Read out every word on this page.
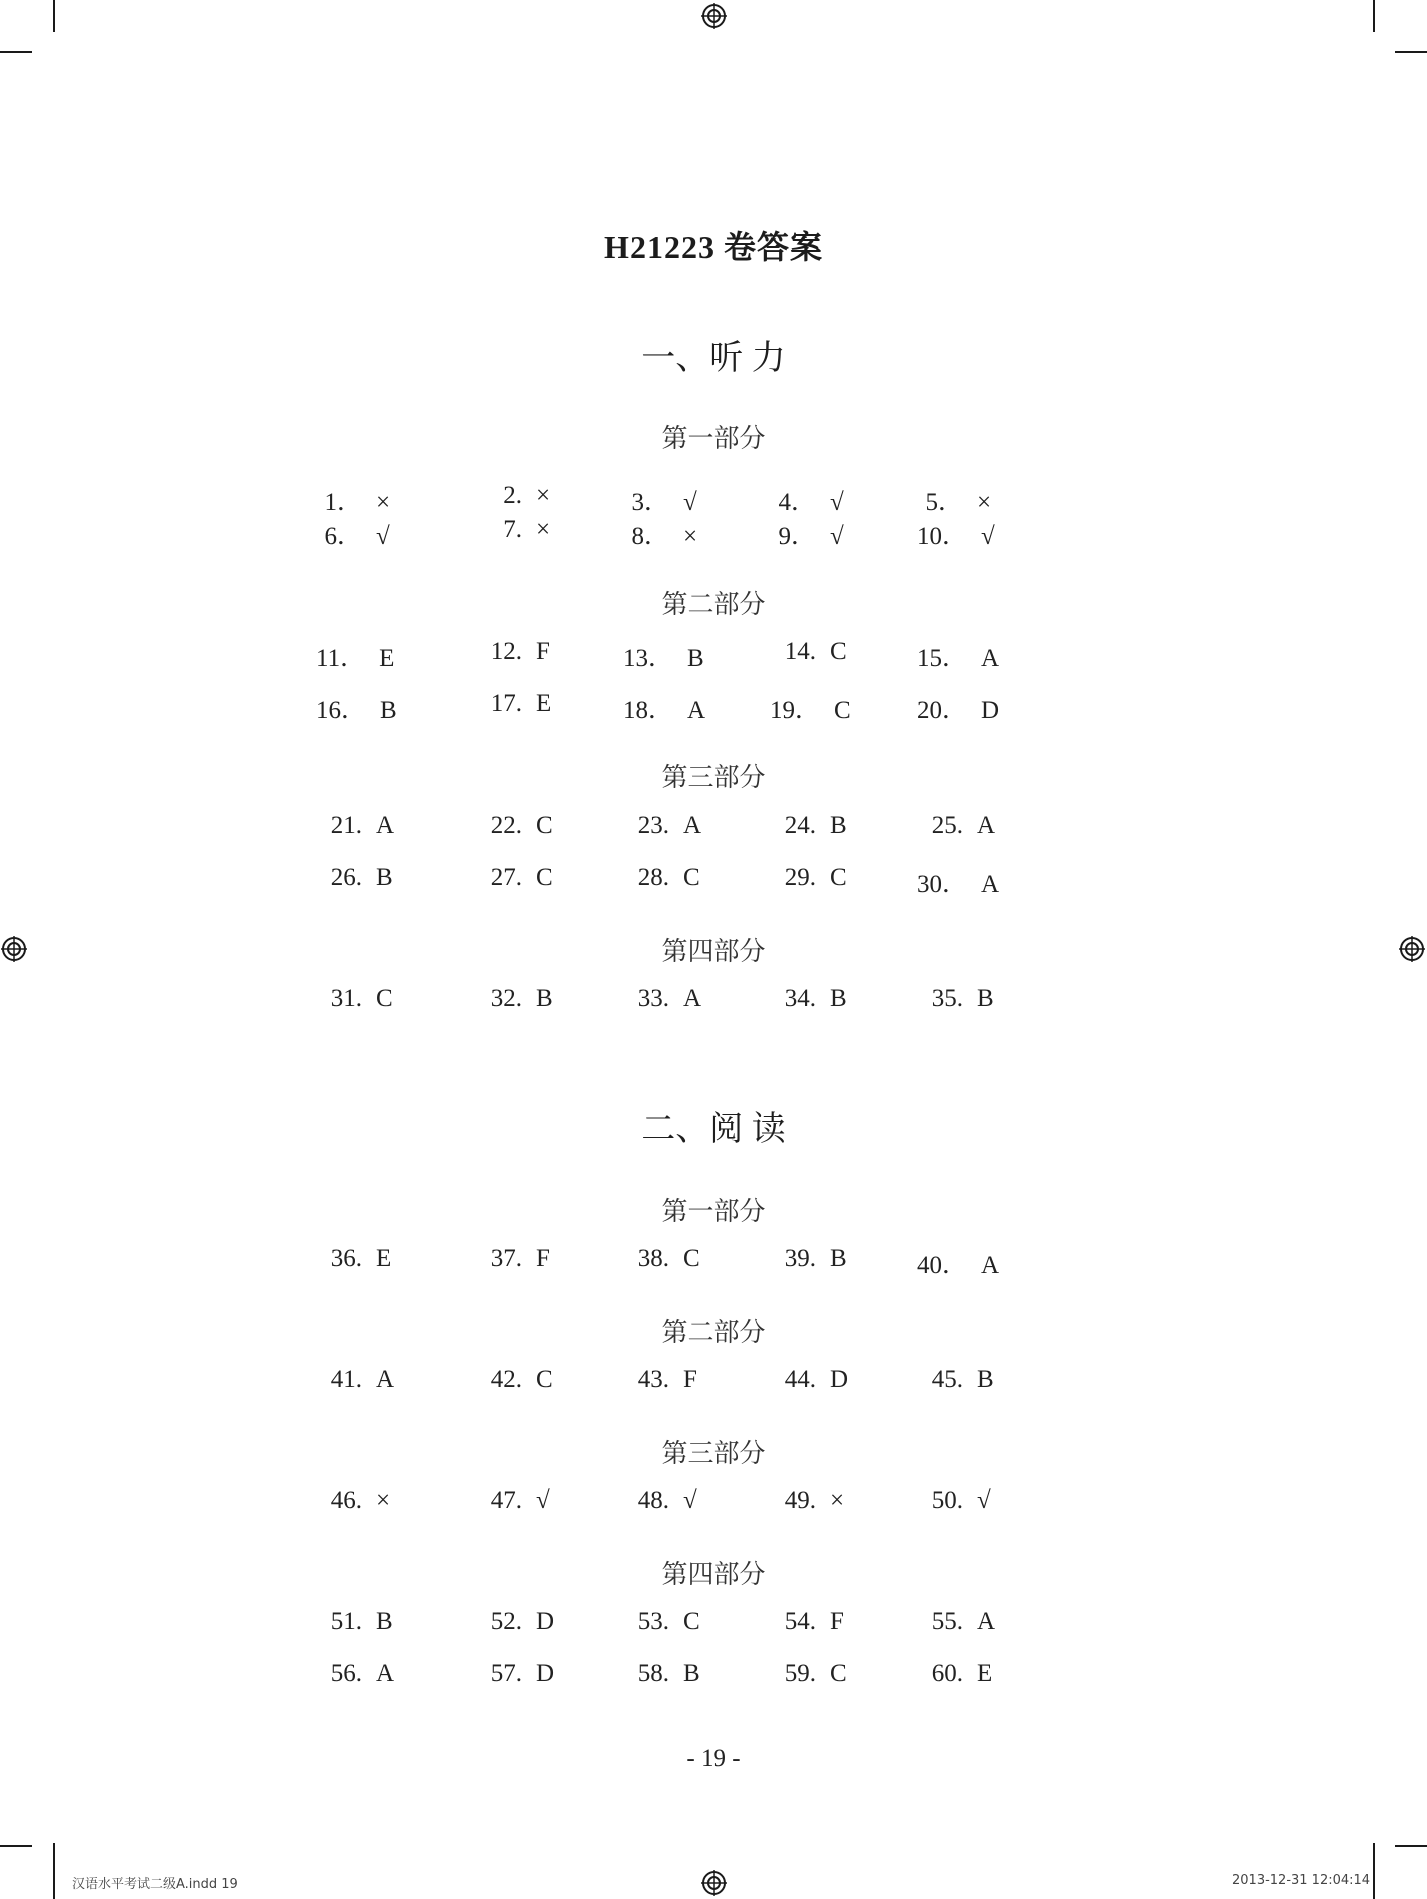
H21223 卷答案
一、听 力
第一部分
1． ×	2. ×	3． √	4． √	5． ×
6． √	7. ×	8． ×	9． √	10． √
第二部分
11． E	12. F	13． B	14. C	15． A
16． B	17. E	18． A	19． C	20． D
第三部分
21. A	22. C	23. A	24. B	25. A
26. B	27. C	28. C	29. C	30． A
第四部分
31. C	32. B	33. A	34. B	35. B
二、阅 读
第一部分
36. E	37. F	38. C	39. B	40． A
第二部分
41. A	42. C	43. F	44. D	45. B
第三部分
46. ×	47. √	48. √	49. ×	50. √
第四部分
51. B	52. D	53. C	54. F	55. A
56. A	57. D	58. B	59. C	60. E
- 19 -
汉语水平考试二级A.indd 19	2013-12-31 12:04:14
